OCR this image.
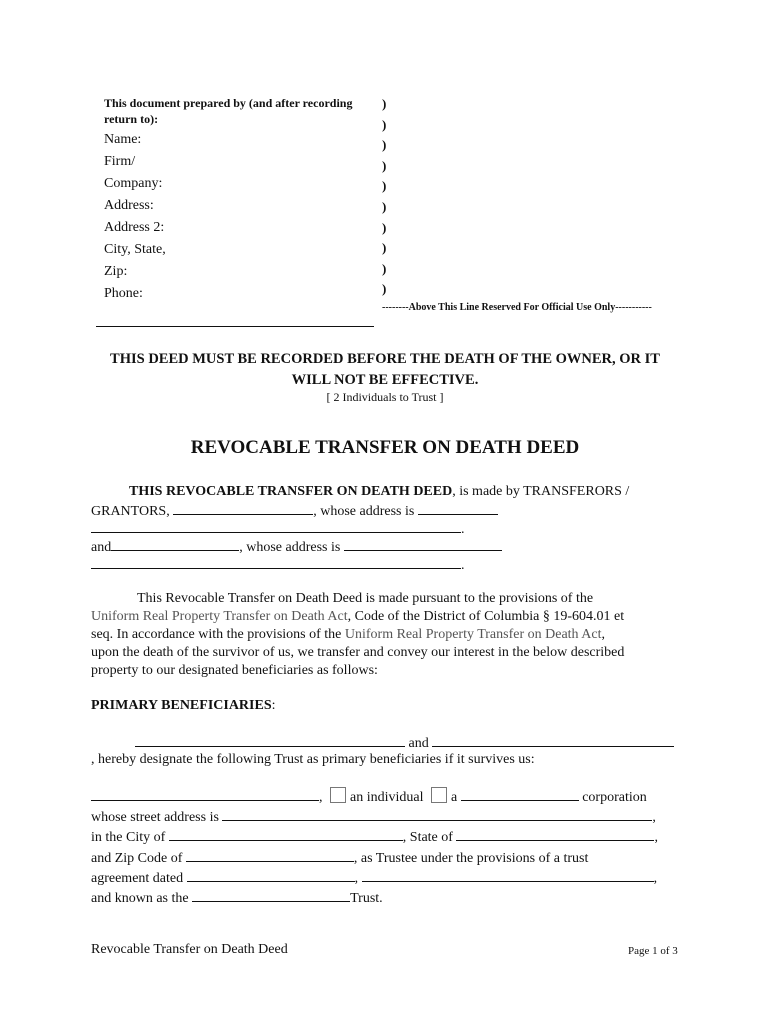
This document prepared by (and after recording
return to):
Name:
Firm/
Company:
Address:
Address 2:
City, State,
Zip:
Phone:
)
)
)
)
)
)
)
)
)
)
--------Above This Line Reserved For Official Use Only-----------
THIS DEED MUST BE RECORDED BEFORE THE DEATH OF THE OWNER, OR IT
WILL NOT BE EFFECTIVE.
[ 2 Individuals to Trust ]
REVOCABLE TRANSFER ON DEATH DEED
THIS REVOCABLE TRANSFER ON DEATH DEED, is made by TRANSFERORS /
GRANTORS,	, whose address is
.
and	, whose address is
.
This Revocable Transfer on Death Deed is made pursuant to the provisions of the
Uniform Real Property Transfer on Death Act, Code of the District of Columbia § 19-604.01 et
seq. In accordance with the provisions of the Uniform Real Property Transfer on Death Act,
upon the death of the survivor of us, we transfer and convey our interest in the below described
property to our designated beneficiaries as follows:
PRIMARY BENEFICIARIES:
and
, hereby designate the following Trust as primary beneficiaries if it survives us:
, an individual a	corporation
whose street address is	,
in the City of	, State of	,
and Zip Code of	, as Trustee under the provisions of a trust
agreement dated	,	,
and known as the	Trust.
Revocable Transfer on Death Deed	Page 1 of 3
